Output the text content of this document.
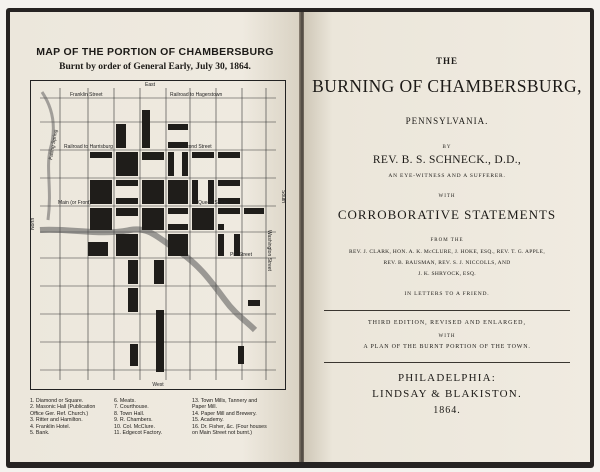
MAP OF THE PORTION OF CHAMBERSBURG
Burnt by order of General Early, July 30, 1864.
East
Franklin Street	Railroad to Hagerstown
Railroad to Harrisburg	Second Street
Main (or Front)	Queen Street
Pitt Street
North
South
West
Washington Street
Falling Spring
1. Diamond or Square.
2. Masonic Hall (Publication
Office Ger. Ref. Church.)
3. Ritter and Hamilton.
4. Franklin Hotel.
5. Bank.
6. Meats.
7. Courthouse.
8. Town Hall.
9. R. Chambers.
10. Col. McClure.
11. Edgecot Factory.
13. Town Mills, Tannery and
Paper Mill.
14. Paper Mill and Brewery.
15. Academy.
16. Dr. Fisher, &c. (Four houses
on Main Street not burnt.)
THE
BURNING OF CHAMBERSBURG,
PENNSYLVANIA.
BY
REV. B. S. SCHNECK., D.D.,
AN EYE-WITNESS AND A SUFFERER.
WITH
CORROBORATIVE STATEMENTS
FROM THE
REV. J. CLARK, HON. A. K. McCLURE, J. HOKE, ESQ., REV. T. G. APPLE,
REV. B. BAUSMAN, REV. S. J. NICCOLLS, AND
J. K. SHRYOCK, ESQ.
IN LETTERS TO A FRIEND.
THIRD EDITION, REVISED AND ENLARGED,
WITH
A PLAN OF THE BURNT PORTION OF THE TOWN.
PHILADELPHIA:
LINDSAY & BLAKISTON.
1864.
